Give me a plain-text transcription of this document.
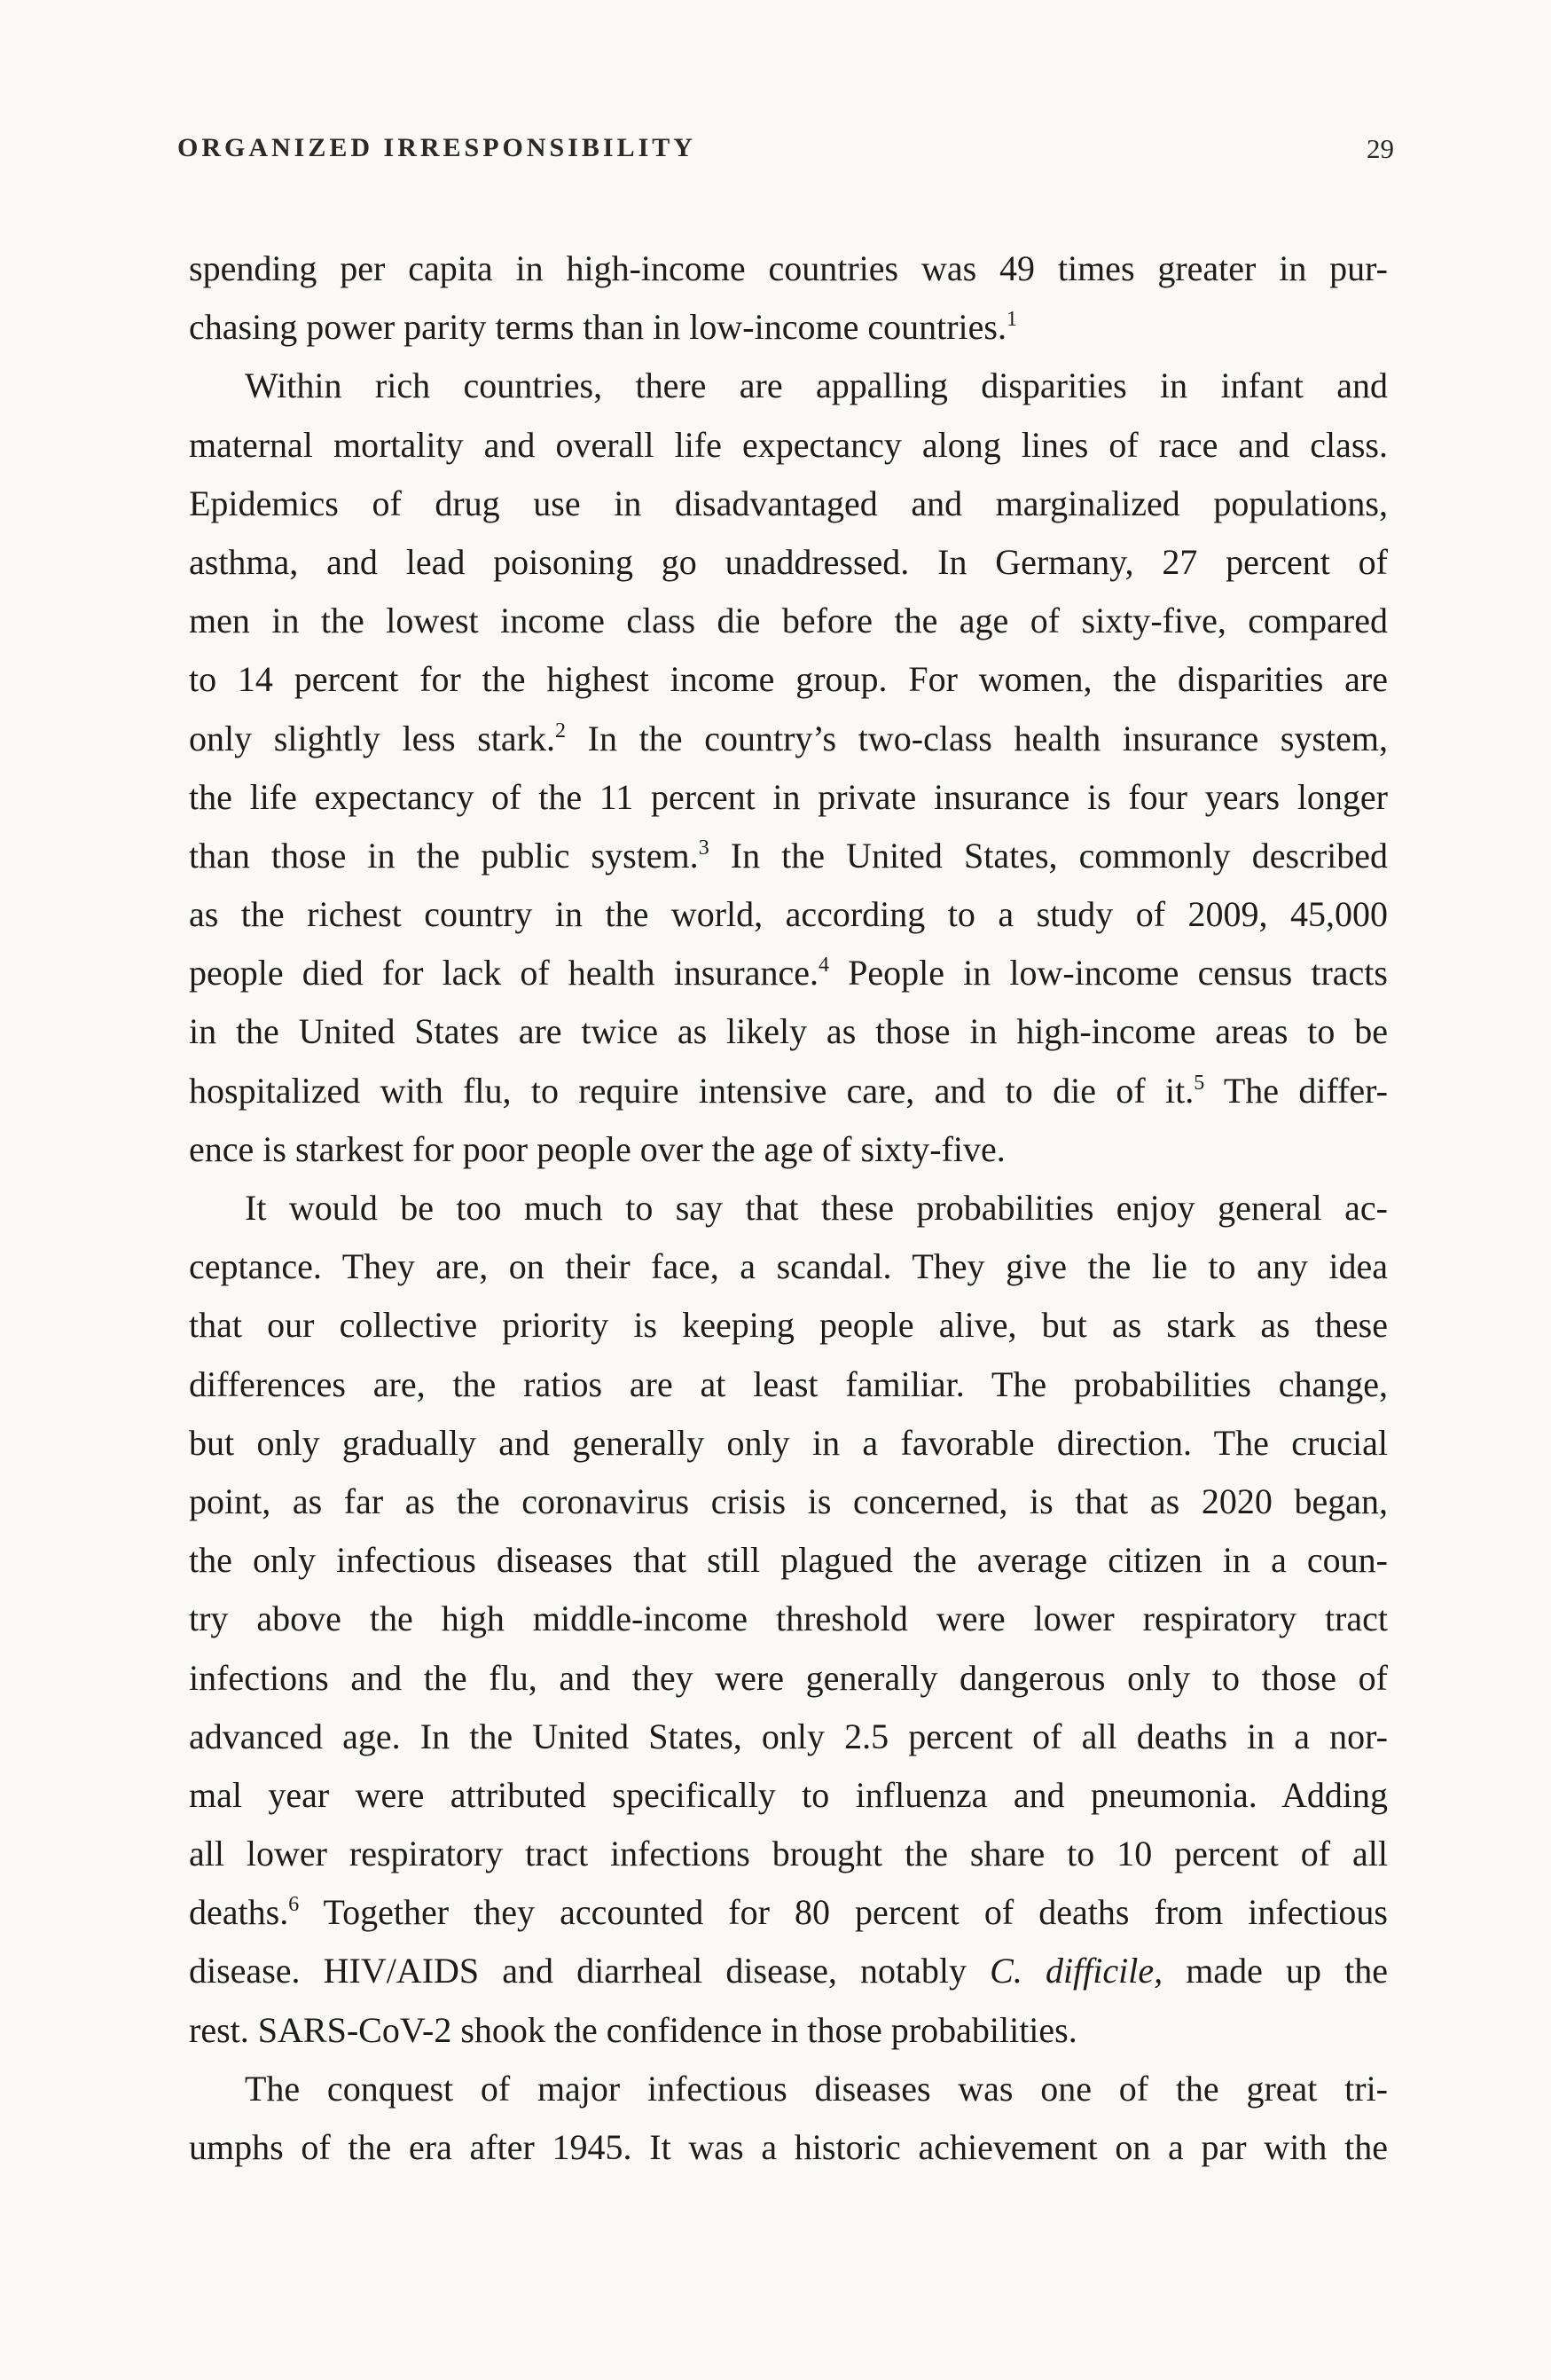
ORGANIZED IRRESPONSIBILITY	29
spending per capita in high-income countries was 49 times greater in pur-
chasing power parity terms than in low-income countries.$^1$
Within rich countries, there are appalling disparities in infant and
maternal mortality and overall life expectancy along lines of race and class.
Epidemics of drug use in disadvantaged and marginalized populations,
asthma, and lead poisoning go unaddressed. In Germany, 27 percent of
men in the lowest income class die before the age of sixty-five, compared
to 14 percent for the highest income group. For women, the disparities are
only slightly less stark.$^2$ In the country’s two-class health insurance system,
the life expectancy of the 11 percent in private insurance is four years longer
than those in the public system.$^3$ In the United States, commonly described
as the richest country in the world, according to a study of 2009, 45,000
people died for lack of health insurance.$^4$ People in low-income census tracts
in the United States are twice as likely as those in high-income areas to be
hospitalized with flu, to require intensive care, and to die of it.$^5$ The differ-
ence is starkest for poor people over the age of sixty-five.
It would be too much to say that these probabilities enjoy general ac-
ceptance. They are, on their face, a scandal. They give the lie to any idea
that our collective priority is keeping people alive, but as stark as these
differences are, the ratios are at least familiar. The probabilities change,
but only gradually and generally only in a favorable direction. The crucial
point, as far as the coronavirus crisis is concerned, is that as 2020 began,
the only infectious diseases that still plagued the average citizen in a coun-
try above the high middle-income threshold were lower respiratory tract
infections and the flu, and they were generally dangerous only to those of
advanced age. In the United States, only 2.5 percent of all deaths in a nor-
mal year were attributed specifically to influenza and pneumonia. Adding
all lower respiratory tract infections brought the share to 10 percent of all
deaths.$^6$ Together they accounted for 80 percent of deaths from infectious
disease. HIV/AIDS and diarrheal disease, notably C. difficile, made up the
rest. SARS-CoV-2 shook the confidence in those probabilities.
The conquest of major infectious diseases was one of the great tri-
umphs of the era after 1945. It was a historic achievement on a par with the
